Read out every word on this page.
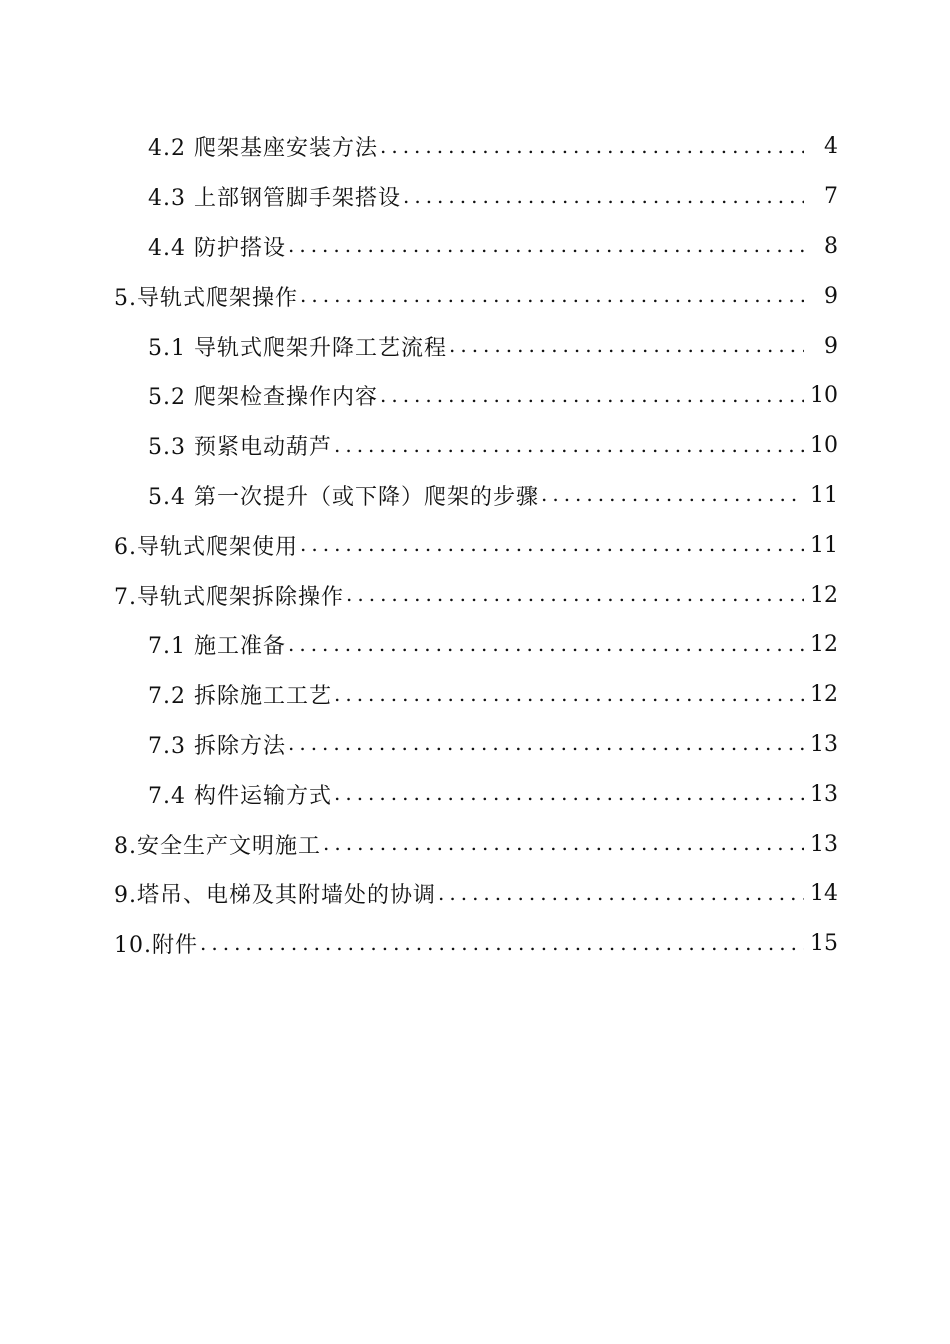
4.2 爬架基座安装方法 .....	4
4.3 上部钢管脚手架搭设 .....	7
4.4 防护搭设 .....	8
5.导轨式爬架操作 .....	9
5.1 导轨式爬架升降工艺流程 .....	9
5.2 爬架检查操作内容 .....	10
5.3 预紧电动葫芦 .....	10
5.4 第一次提升（或下降）爬架的步骤 .....	11
6.导轨式爬架使用 .....	11
7.导轨式爬架拆除操作 .....	12
7.1 施工准备 .....	12
7.2 拆除施工工艺 .....	12
7.3 拆除方法 .....	13
7.4 构件运输方式 .....	13
8.安全生产文明施工 .....	13
9.塔吊、电梯及其附墙处的协调 .....	14
10.附件 .....	15
